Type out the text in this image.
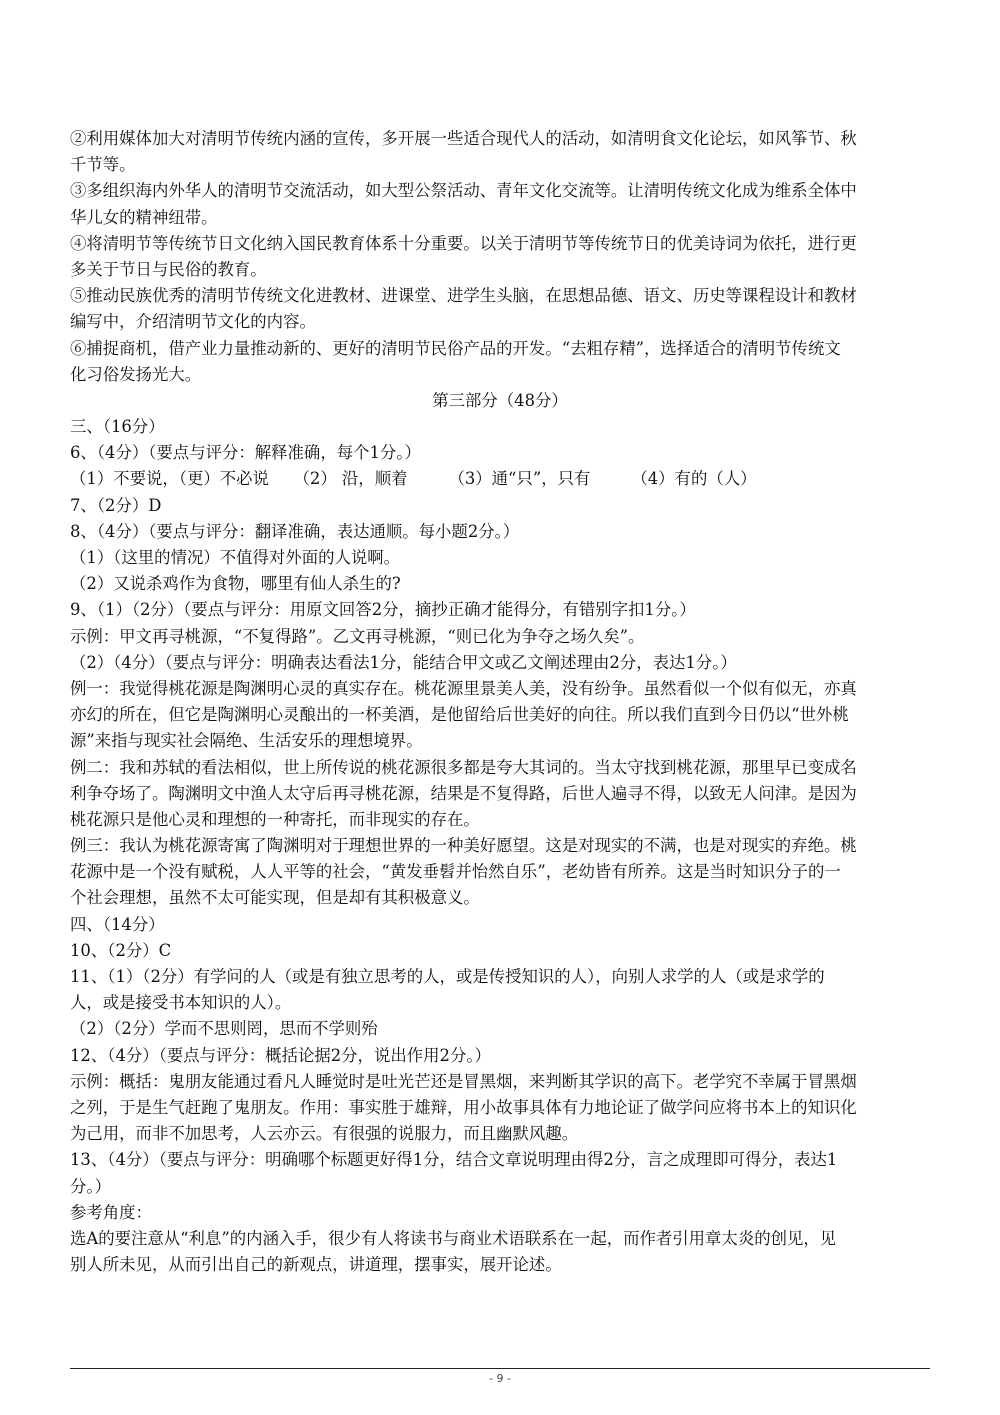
②利用媒体加大对清明节传统内涵的宣传，多开展一些适合现代人的活动，如清明食文化论坛，如风筝节、秋
千节等。
③多组织海内外华人的清明节交流活动，如大型公祭活动、青年文化交流等。让清明传统文化成为维系全体中
华儿女的精神纽带。
④将清明节等传统节日文化纳入国民教育体系十分重要。以关于清明节等传统节日的优美诗词为依托，进行更
多关于节日与民俗的教育。
⑤推动民族优秀的清明节传统文化进教材、进课堂、进学生头脑，在思想品德、语文、历史等课程设计和教材
编写中，介绍清明节文化的内容。
⑥捕捉商机，借产业力量推动新的、更好的清明节民俗产品的开发。“去粗存精”，选择适合的清明节传统文
化习俗发扬光大。
第三部分（48分）
三、（16分）
6、（4分）（要点与评分：解释准确，每个1分。）
（1）不要说，（更）不必说　　（2） 沿，顺着　　　（3）通“只”，只有　　　（4）有的（人）
7、（2分）D
8、（4分）（要点与评分：翻译准确，表达通顺。每小题2分。）
（1）（这里的情况）不值得对外面的人说啊。
（2）又说杀鸡作为食物，哪里有仙人杀生的?
9、（1）（2分）（要点与评分：用原文回答2分，摘抄正确才能得分，有错别字扣1分。）
示例：甲文再寻桃源，“不复得路”。乙文再寻桃源，“则已化为争夺之场久矣”。
（2）（4分）（要点与评分：明确表达看法1分，能结合甲文或乙文阐述理由2分，表达1分。）
例一：我觉得桃花源是陶渊明心灵的真实存在。桃花源里景美人美，没有纷争。虽然看似一个似有似无，亦真
亦幻的所在，但它是陶渊明心灵酿出的一杯美酒，是他留给后世美好的向往。所以我们直到今日仍以“世外桃
源”来指与现实社会隔绝、生活安乐的理想境界。
例二：我和苏轼的看法相似，世上所传说的桃花源很多都是夸大其词的。当太守找到桃花源，那里早已变成名
利争夺场了。陶渊明文中渔人太守后再寻桃花源，结果是不复得路，后世人遍寻不得，以致无人问津。是因为
桃花源只是他心灵和理想的一种寄托，而非现实的存在。
例三：我认为桃花源寄寓了陶渊明对于理想世界的一种美好愿望。这是对现实的不满，也是对现实的弃绝。桃
花源中是一个没有赋税，人人平等的社会，“黄发垂髫并怡然自乐”，老幼皆有所养。这是当时知识分子的一
个社会理想，虽然不太可能实现，但是却有其积极意义。
四、（14分）
10、（2分）C
11、（1）（2分）有学问的人（或是有独立思考的人，或是传授知识的人），向别人求学的人（或是求学的
人，或是接受书本知识的人）。
（2）（2分）学而不思则罔，思而不学则殆
12、（4分）（要点与评分：概括论据2分，说出作用2分。）
示例：概括：鬼朋友能通过看凡人睡觉时是吐光芒还是冒黑烟，来判断其学识的高下。老学究不幸属于冒黑烟
之列，于是生气赶跑了鬼朋友。作用：事实胜于雄辩，用小故事具体有力地论证了做学问应将书本上的知识化
为己用，而非不加思考，人云亦云。有很强的说服力，而且幽默风趣。
13、（4分）（要点与评分：明确哪个标题更好得1分，结合文章说明理由得2分，言之成理即可得分，表达1
分。）
参考角度：
选A的要注意从“利息”的内涵入手，很少有人将读书与商业术语联系在一起，而作者引用章太炎的创见，见
别人所未见，从而引出自己的新观点，讲道理，摆事实，展开论述。
- 9 -
